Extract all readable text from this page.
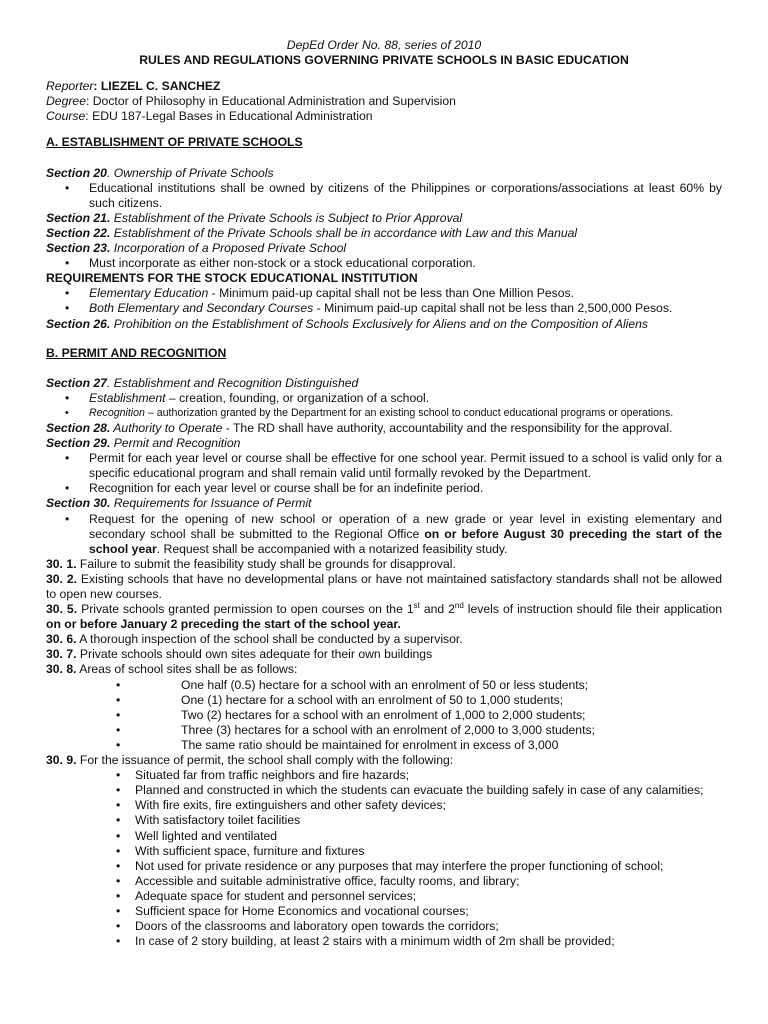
DepEd Order No. 88, series of 2010
RULES AND REGULATIONS GOVERNING PRIVATE SCHOOLS IN BASIC EDUCATION
Reporter: LIEZEL C. SANCHEZ
Degree: Doctor of Philosophy in Educational Administration and Supervision
Course: EDU 187-Legal Bases in Educational Administration
A. ESTABLISHMENT OF PRIVATE SCHOOLS
Section 20. Ownership of Private Schools
• Educational institutions shall be owned by citizens of the Philippines or corporations/associations at least 60% by such citizens.
Section 21. Establishment of the Private Schools is Subject to Prior Approval
Section 22. Establishment of the Private Schools shall be in accordance with Law and this Manual
Section 23. Incorporation of a Proposed Private School
• Must incorporate as either non-stock or a stock educational corporation.
REQUIREMENTS FOR THE STOCK EDUCATIONAL INSTITUTION
• Elementary Education - Minimum paid-up capital shall not be less than One Million Pesos.
• Both Elementary and Secondary Courses - Minimum paid-up capital shall not be less than 2,500,000 Pesos.
Section 26. Prohibition on the Establishment of Schools Exclusively for Aliens and on the Composition of Aliens
B. PERMIT AND RECOGNITION
Section 27. Establishment and Recognition Distinguished
• Establishment – creation, founding, or organization of a school.
• Recognition – authorization granted by the Department for an existing school to conduct educational programs or operations.
Section 28. Authority to Operate - The RD shall have authority, accountability and the responsibility for the approval.
Section 29. Permit and Recognition
• Permit for each year level or course shall be effective for one school year. Permit issued to a school is valid only for a specific educational program and shall remain valid until formally revoked by the Department.
• Recognition for each year level or course shall be for an indefinite period.
Section 30. Requirements for Issuance of Permit
• Request for the opening of new school or operation of a new grade or year level in existing elementary and secondary school shall be submitted to the Regional Office on or before August 30 preceding the start of the school year. Request shall be accompanied with a notarized feasibility study.
30. 1. Failure to submit the feasibility study shall be grounds for disapproval.
30. 2. Existing schools that have no developmental plans or have not maintained satisfactory standards shall not be allowed to open new courses.
30. 5. Private schools granted permission to open courses on the 1st and 2nd levels of instruction should file their application on or before January 2 preceding the start of the school year.
30. 6. A thorough inspection of the school shall be conducted by a supervisor.
30. 7. Private schools should own sites adequate for their own buildings
30. 8. Areas of school sites shall be as follows:
• One half (0.5) hectare for a school with an enrolment of 50 or less students;
• One (1) hectare for a school with an enrolment of 50 to 1,000 students;
• Two (2) hectares for a school with an enrolment of 1,000 to 2,000 students;
• Three (3) hectares for a school with an enrolment of 2,000 to 3,000 students;
• The same ratio should be maintained for enrolment in excess of 3,000
30. 9. For the issuance of permit, the school shall comply with the following:
• Situated far from traffic neighbors and fire hazards;
• Planned and constructed in which the students can evacuate the building safely in case of any calamities;
• With fire exits, fire extinguishers and other safety devices;
• With satisfactory toilet facilities
• Well lighted and ventilated
• With sufficient space, furniture and fixtures
• Not used for private residence or any purposes that may interfere the proper functioning of school;
• Accessible and suitable administrative office, faculty rooms, and library;
• Adequate space for student and personnel services;
• Sufficient space for Home Economics and vocational courses;
• Doors of the classrooms and laboratory open towards the corridors;
• In case of 2 story building, at least 2 stairs with a minimum width of 2m shall be provided;
